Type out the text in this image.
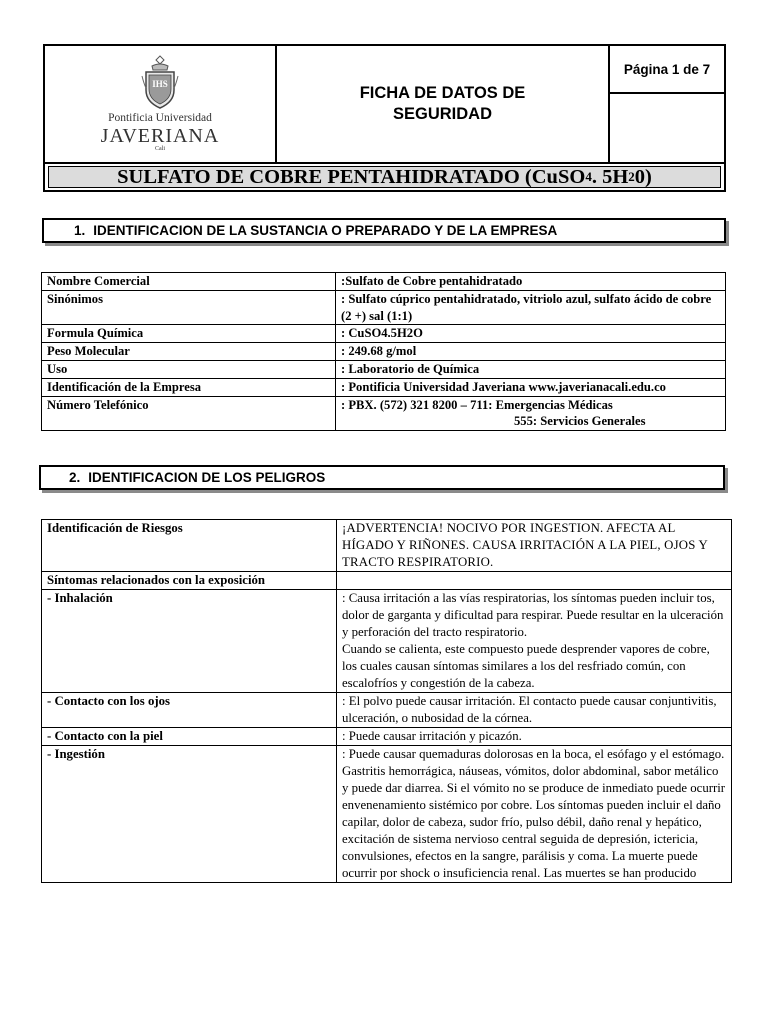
IHS
Pontificia Universidad
JAVERIANA
Cali
FICHA DE DATOS DE
SEGURIDAD
Página 1 de 7
SULFATO DE COBRE PENTAHIDRATADO (CuSO 4 . 5H 2 0)
1. IDENTIFICACION DE LA SUSTANCIA O PREPARADO Y DE LA EMPRESA
Nombre Comercial	:Sulfato de Cobre pentahidratado
Sinónimos	: Sulfato cúprico pentahidratado, vitriolo azul, sulfato ácido de cobre (2 +) sal (1:1)
Formula Química	: CuSO4.5H2O
Peso Molecular	: 249.68 g/mol
Uso	: Laboratorio de Química
Identificación de la Empresa	: Pontificia Universidad Javeriana www.javerianacali.edu.co
Número Telefónico	: PBX. (572) 321 8200 – 711: Emergencias Médicas
555: Servicios Generales
2. IDENTIFICACION DE LOS PELIGROS
Identificación de Riesgos	¡ADVERTENCIA! NOCIVO POR INGESTION. AFECTA AL HÍGADO Y RIÑONES. CAUSA IRRITACIÓN A LA PIEL, OJOS Y TRACTO RESPIRATORIO.
Síntomas relacionados con la exposición	
- Inhalación	: Causa irritación a las vías respiratorias, los síntomas pueden incluir tos, dolor de garganta y dificultad para respirar. Puede resultar en la ulceración y perforación del tracto respiratorio.
Cuando se calienta, este compuesto puede desprender vapores de cobre, los cuales causan síntomas similares a los del resfriado común, con escalofríos y congestión de la cabeza.

- Contacto con los ojos	: El polvo puede causar irritación. El contacto puede causar conjuntivitis, ulceración, o nubosidad de la córnea.
- Contacto con la piel	: Puede causar irritación y picazón.
- Ingestión	: Puede causar quemaduras dolorosas en la boca, el esófago y el estómago. Gastritis hemorrágica, náuseas, vómitos, dolor abdominal, sabor metálico y puede dar diarrea. Si el vómito no se produce de inmediato puede ocurrir envenenamiento sistémico por cobre. Los síntomas pueden incluir el daño capilar, dolor de cabeza, sudor frío, pulso débil, daño renal y hepático, excitación de sistema nervioso central seguida de depresión, ictericia, convulsiones, efectos en la sangre, parálisis y coma. La muerte puede ocurrir por shock o insuficiencia renal. Las muertes se han producido
